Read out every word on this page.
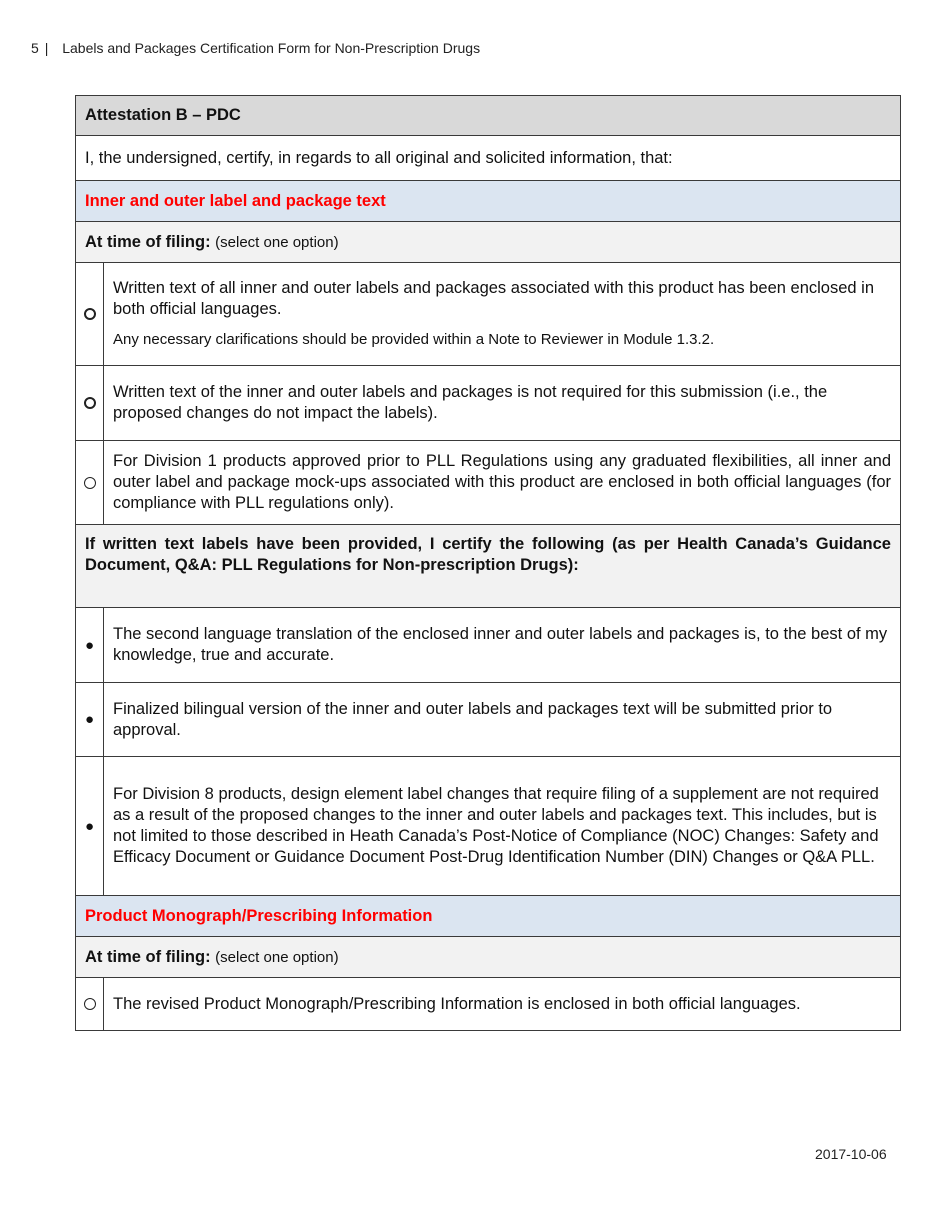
5 | Labels and Packages Certification Form for Non-Prescription Drugs
Attestation B – PDC	
I, the undersigned, certify, in regards to all original and solicited information, that:	
Inner and outer label and package text	
At time of filing: (select one option)	
	Written text of all inner and outer labels and packages associated with this product has been enclosed in both official languages.
Any necessary clarifications should be provided within a Note to Reviewer in Module 1.3.2.

	Written text of the inner and outer labels and packages is not required for this submission (i.e., the proposed changes do not impact the labels).
	For Division 1 products approved prior to PLL Regulations using any graduated flexibilities, all inner and outer label and package mock-ups associated with this product are enclosed in both official languages (for compliance with PLL regulations only).
If written text labels have been provided, I certify the following (as per Health Canada’s Guidance Document, Q&A: PLL Regulations for Non-prescription Drugs):	
●	The second language translation of the enclosed inner and outer labels and packages is, to the best of my knowledge, true and accurate.
●	Finalized bilingual version of the inner and outer labels and packages text will be submitted prior to approval.
●	For Division 8 products, design element label changes that require filing of a supplement are not required as a result of the proposed changes to the inner and outer labels and packages text. This includes, but is not limited to those described in Heath Canada’s Post-Notice of Compliance (NOC) Changes: Safety and Efficacy Document or Guidance Document Post-Drug Identification Number (DIN) Changes or Q&A PLL.
Product Monograph/Prescribing Information	
At time of filing: (select one option)	
	The revised Product Monograph/Prescribing Information is enclosed in both official languages.
2017-10-06
